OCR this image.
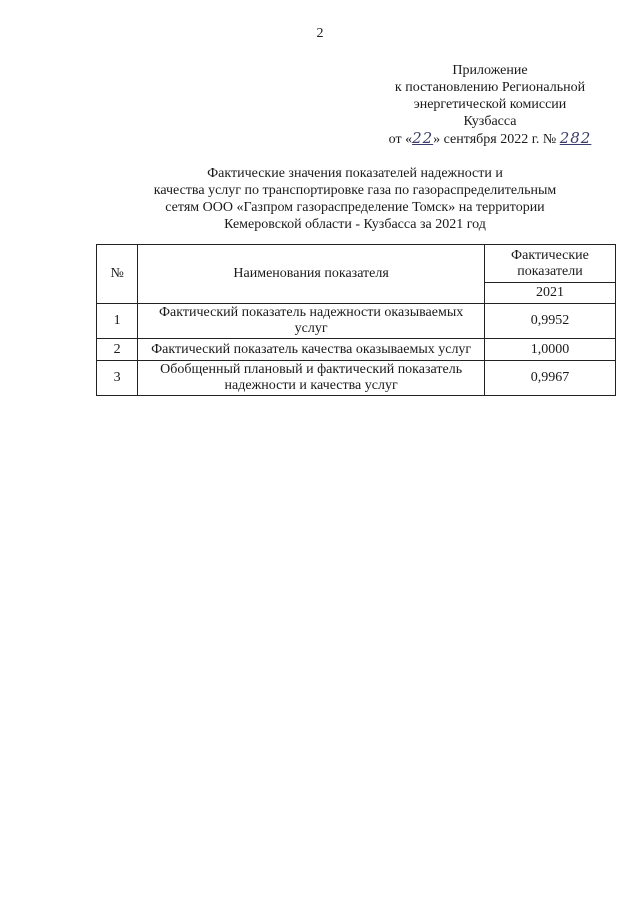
2
Приложение
к постановлению Региональной
энергетической комиссии
Кузбасса
от «22» сентября 2022 г. № 282
Фактические значения показателей надежности и
качества услуг по транспортировке газа по газораспределительным
сетям ООО «Газпром газораспределение Томск» на территории
Кемеровской области - Кузбасса за 2021 год
№	Наименования показателя	Фактические показатели
		2021
1	Фактический показатель надежности оказываемых услуг	0,9952
2	Фактический показатель качества оказываемых услуг	1,0000
3	Обобщенный плановый и фактический показатель надежности и качества услуг	0,9967
